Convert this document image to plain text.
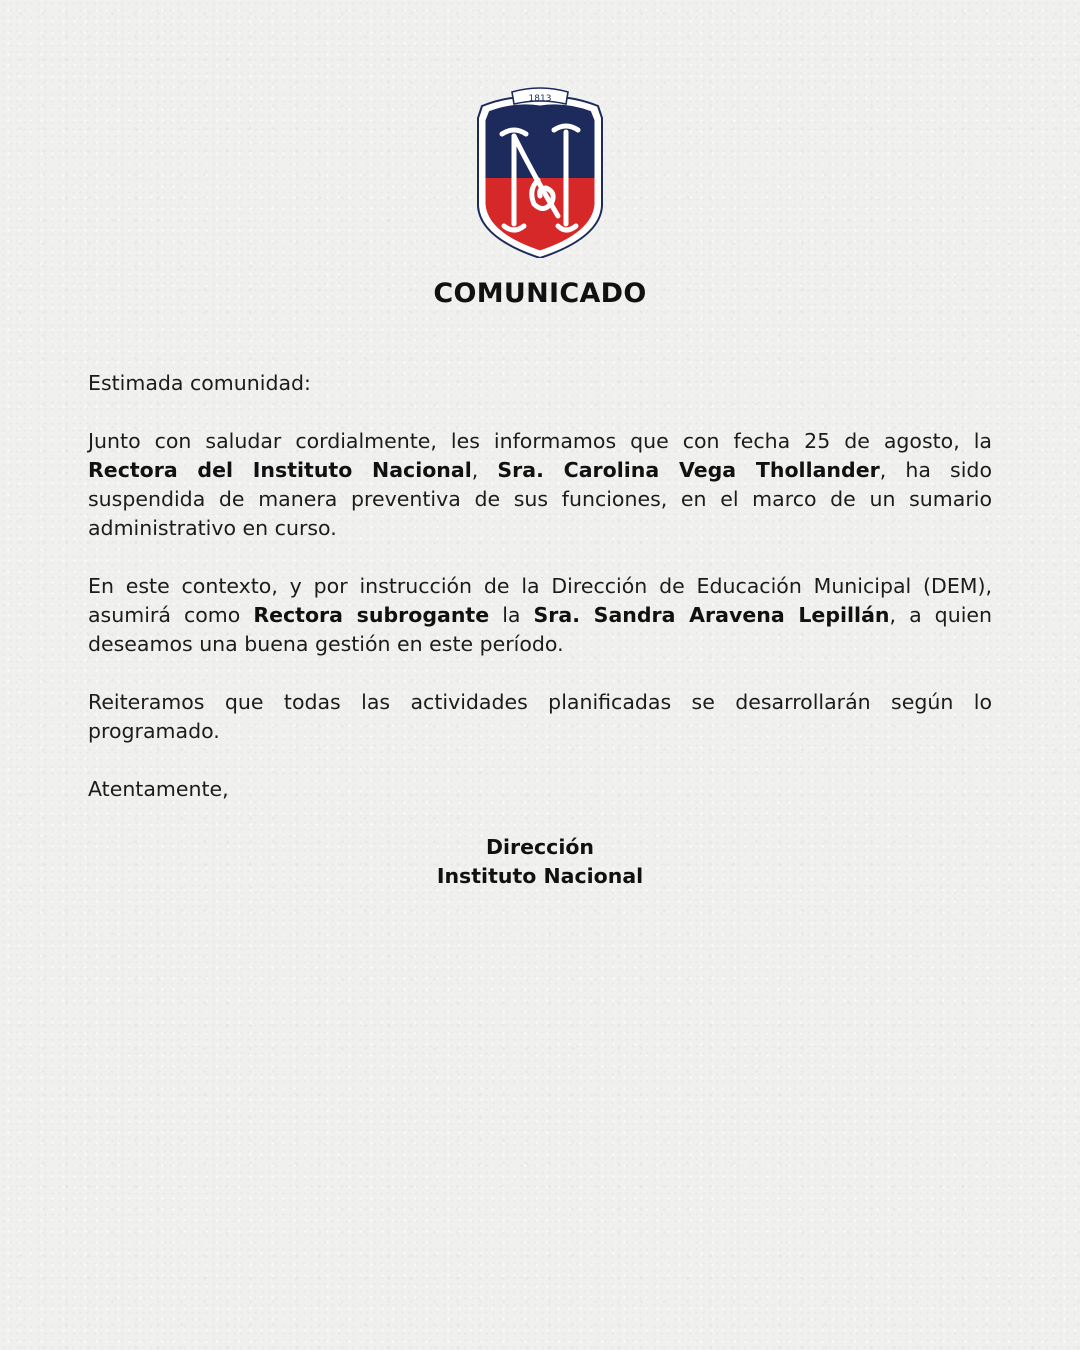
1813
COMUNICADO

Estimada comunidad:

Junto con saludar cordialmente, les informamos que con fecha 25 de agosto, la Rectora del Instituto Nacional, Sra. Carolina Vega Thollander, ha sido suspendida de manera preventiva de sus funciones, en el marco de un sumario administrativo en curso.

En este contexto, y por instrucción de la Dirección de Educación Municipal (DEM), asumirá como Rectora subrogante la Sra. Sandra Aravena Lepillán, a quien deseamos una buena gestión en este período.

Reiteramos que todas las actividades planificadas se desarrollarán según lo programado.

Atentamente,

Dirección
Instituto Nacional
